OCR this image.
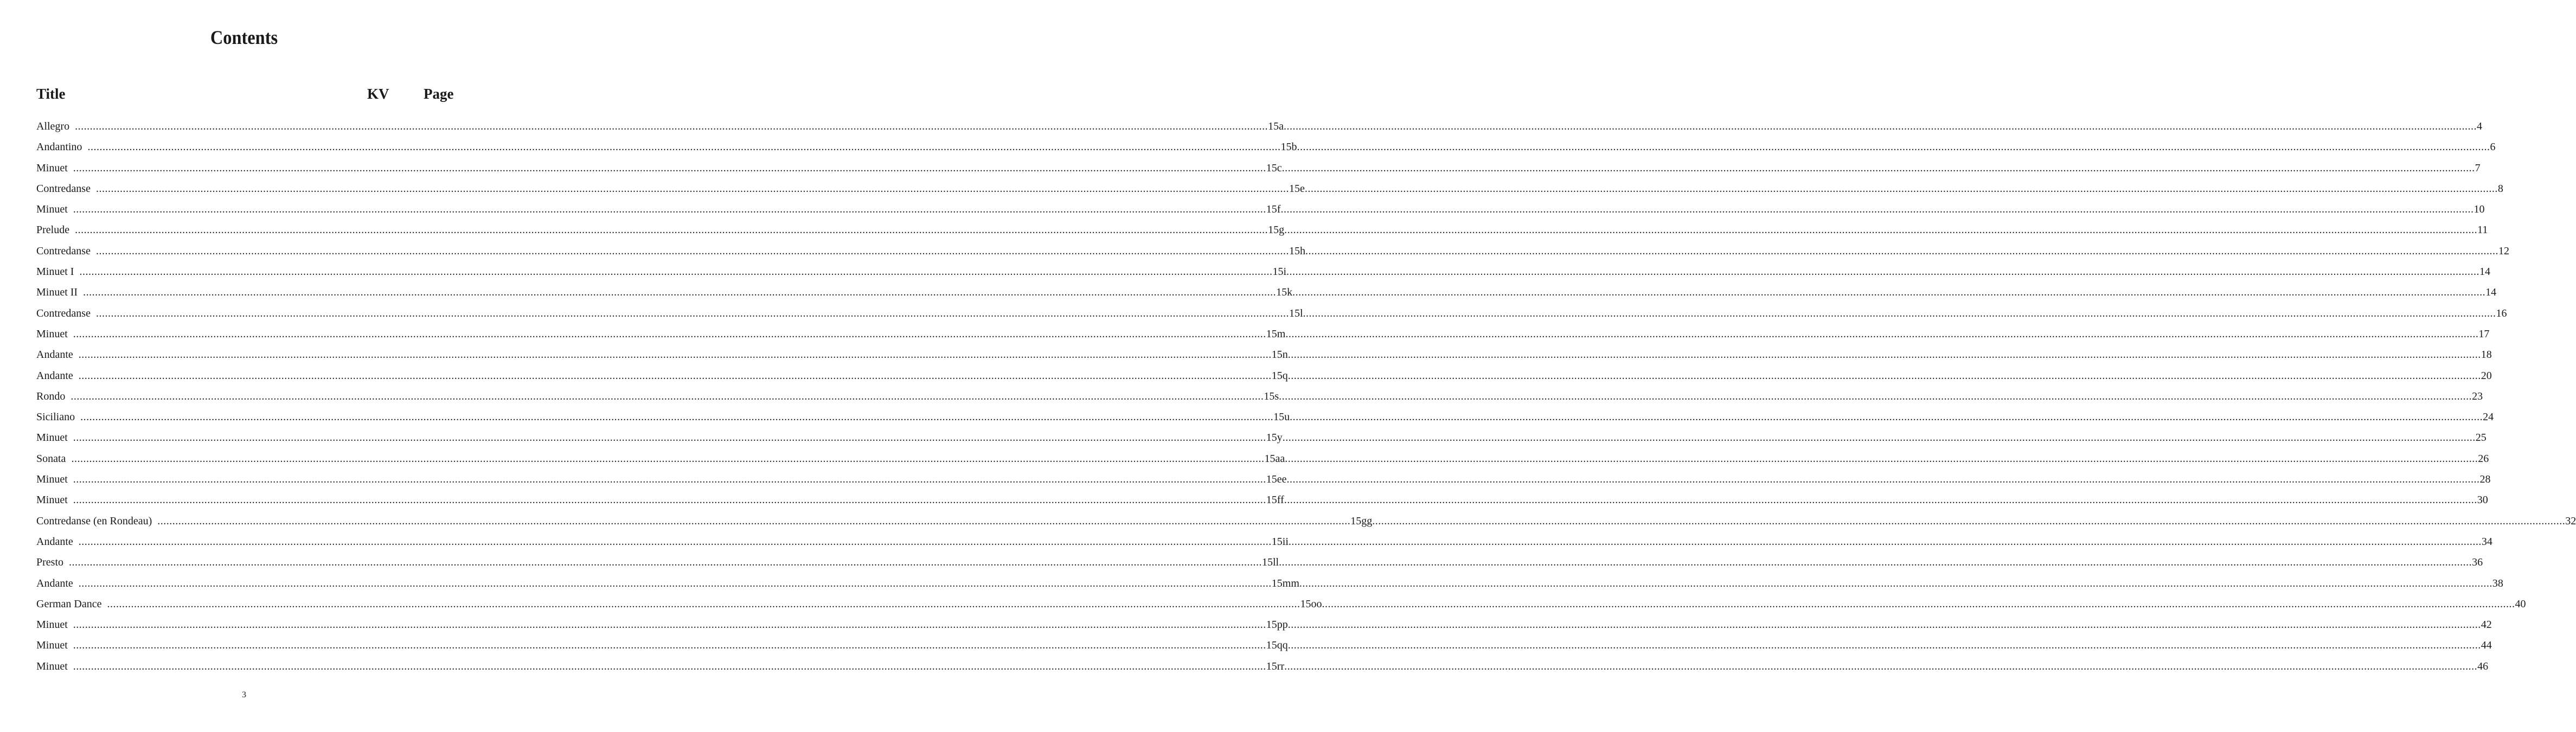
Contents
Title	KV Page
Allegro ................................................................................................................................................................................................................................................................................................................................................................................................................ 15a ................................................................................................................................................................................................................................................................................................................................................................................................................ 4
Andantino ................................................................................................................................................................................................................................................................................................................................................................................................................ 15b ................................................................................................................................................................................................................................................................................................................................................................................................................ 6
Minuet ................................................................................................................................................................................................................................................................................................................................................................................................................ 15c ................................................................................................................................................................................................................................................................................................................................................................................................................ 7
Contredanse ................................................................................................................................................................................................................................................................................................................................................................................................................ 15e ................................................................................................................................................................................................................................................................................................................................................................................................................ 8
Minuet ................................................................................................................................................................................................................................................................................................................................................................................................................ 15f ................................................................................................................................................................................................................................................................................................................................................................................................................ 10
Prelude ................................................................................................................................................................................................................................................................................................................................................................................................................ 15g ................................................................................................................................................................................................................................................................................................................................................................................................................ 11
Contredanse ................................................................................................................................................................................................................................................................................................................................................................................................................ 15h ................................................................................................................................................................................................................................................................................................................................................................................................................ 12
Minuet I ................................................................................................................................................................................................................................................................................................................................................................................................................ 15i ................................................................................................................................................................................................................................................................................................................................................................................................................ 14
Minuet II ................................................................................................................................................................................................................................................................................................................................................................................................................ 15k ................................................................................................................................................................................................................................................................................................................................................................................................................ 14
Contredanse ................................................................................................................................................................................................................................................................................................................................................................................................................ 15l ................................................................................................................................................................................................................................................................................................................................................................................................................ 16
Minuet ................................................................................................................................................................................................................................................................................................................................................................................................................ 15m ................................................................................................................................................................................................................................................................................................................................................................................................................ 17
Andante ................................................................................................................................................................................................................................................................................................................................................................................................................ 15n ................................................................................................................................................................................................................................................................................................................................................................................................................ 18
Andante ................................................................................................................................................................................................................................................................................................................................................................................................................ 15q ................................................................................................................................................................................................................................................................................................................................................................................................................ 20
Rondo ................................................................................................................................................................................................................................................................................................................................................................................................................ 15s ................................................................................................................................................................................................................................................................................................................................................................................................................ 23
Siciliano ................................................................................................................................................................................................................................................................................................................................................................................................................ 15u ................................................................................................................................................................................................................................................................................................................................................................................................................ 24
Minuet ................................................................................................................................................................................................................................................................................................................................................................................................................ 15y ................................................................................................................................................................................................................................................................................................................................................................................................................ 25
Sonata ................................................................................................................................................................................................................................................................................................................................................................................................................ 15aa ................................................................................................................................................................................................................................................................................................................................................................................................................ 26
Minuet ................................................................................................................................................................................................................................................................................................................................................................................................................ 15ee ................................................................................................................................................................................................................................................................................................................................................................................................................ 28
Minuet ................................................................................................................................................................................................................................................................................................................................................................................................................ 15ff ................................................................................................................................................................................................................................................................................................................................................................................................................ 30
Contredanse (en Rondeau) ................................................................................................................................................................................................................................................................................................................................................................................................................ 15gg ................................................................................................................................................................................................................................................................................................................................................................................................................ 32
Andante ................................................................................................................................................................................................................................................................................................................................................................................................................ 15ii ................................................................................................................................................................................................................................................................................................................................................................................................................ 34
Presto ................................................................................................................................................................................................................................................................................................................................................................................................................ 15ll ................................................................................................................................................................................................................................................................................................................................................................................................................ 36
Andante ................................................................................................................................................................................................................................................................................................................................................................................................................ 15mm ................................................................................................................................................................................................................................................................................................................................................................................................................ 38
German Dance ................................................................................................................................................................................................................................................................................................................................................................................................................ 15oo ................................................................................................................................................................................................................................................................................................................................................................................................................ 40
Minuet ................................................................................................................................................................................................................................................................................................................................................................................................................ 15pp ................................................................................................................................................................................................................................................................................................................................................................................................................ 42
Minuet ................................................................................................................................................................................................................................................................................................................................................................................................................ 15qq ................................................................................................................................................................................................................................................................................................................................................................................................................ 44
Minuet ................................................................................................................................................................................................................................................................................................................................................................................................................ 15rr ................................................................................................................................................................................................................................................................................................................................................................................................................ 46
3
